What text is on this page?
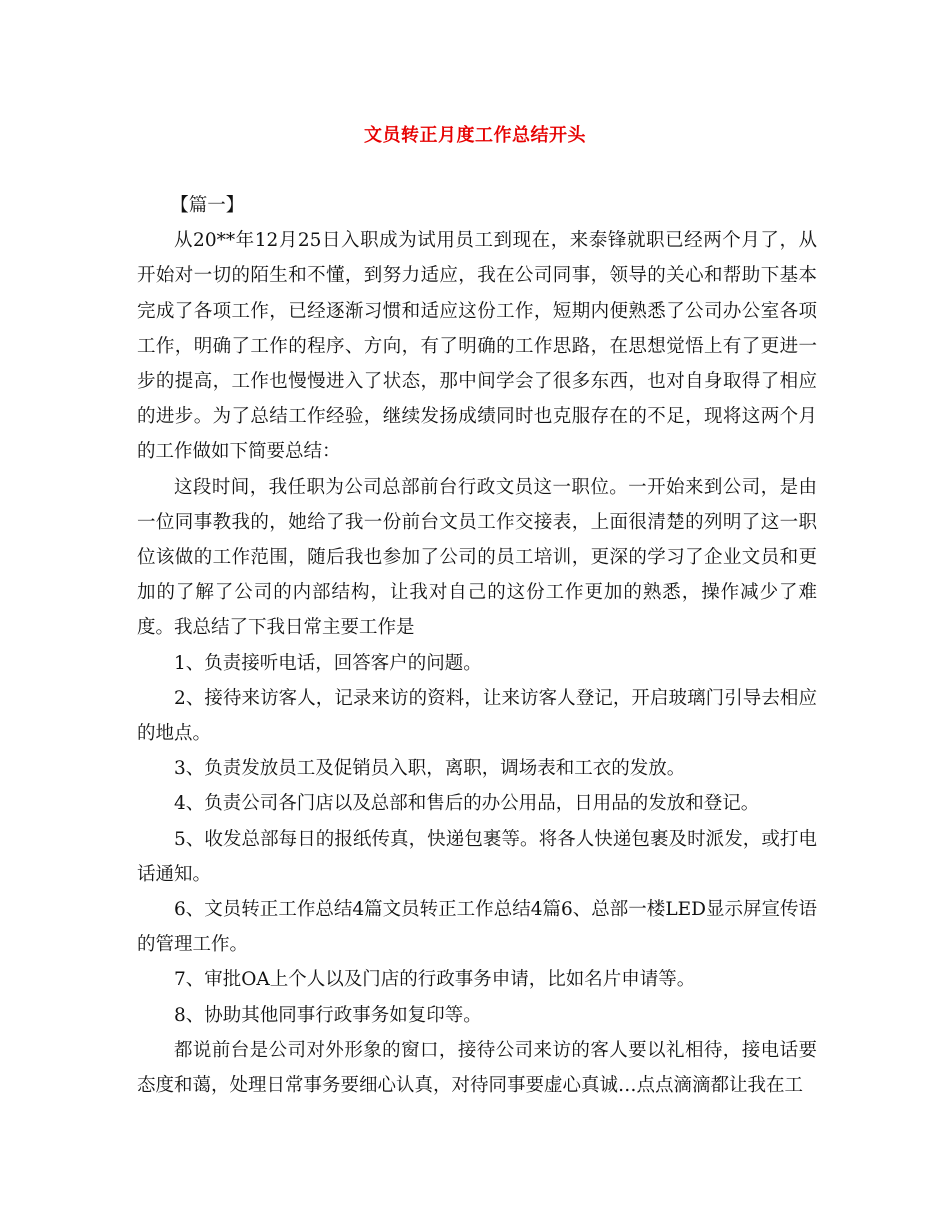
文员转正月度工作总结开头

【篇一】

从20**年12月25日入职成为试用员工到现在，来泰锋就职已经两个月了，从开始对一切的陌生和不懂，到努力适应，我在公司同事，领导的关心和帮助下基本完成了各项工作，已经逐渐习惯和适应这份工作，短期内便熟悉了公司办公室各项工作，明确了工作的程序、方向，有了明确的工作思路，在思想觉悟上有了更进一步的提高，工作也慢慢进入了状态，那中间学会了很多东西，也对自身取得了相应的进步。为了总结工作经验，继续发扬成绩同时也克服存在的不足，现将这两个月的工作做如下简要总结：

这段时间，我任职为公司总部前台行政文员这一职位。一开始来到公司，是由一位同事教我的，她给了我一份前台文员工作交接表，上面很清楚的列明了这一职位该做的工作范围，随后我也参加了公司的员工培训，更深的学习了企业文员和更加的了解了公司的内部结构，让我对自己的这份工作更加的熟悉，操作减少了难度。我总结了下我日常主要工作是

1、负责接听电话，回答客户的问题。

2、接待来访客人，记录来访的资料，让来访客人登记，开启玻璃门引导去相应的地点。

3、负责发放员工及促销员入职，离职，调场表和工衣的发放。

4、负责公司各门店以及总部和售后的办公用品，日用品的发放和登记。

5、收发总部每日的报纸传真，快递包裹等。将各人快递包裹及时派发，或打电话通知。

6、文员转正工作总结4篇文员转正工作总结4篇6、总部一楼LED显示屏宣传语的管理工作。

7、审批OA上个人以及门店的行政事务申请，比如名片申请等。

8、协助其他同事行政事务如复印等。

都说前台是公司对外形象的窗口，接待公司来访的客人要以礼相待，接电话要态度和蔼，处理日常事务要细心认真，对待同事要虚心真诚…点点滴滴都让我在工
